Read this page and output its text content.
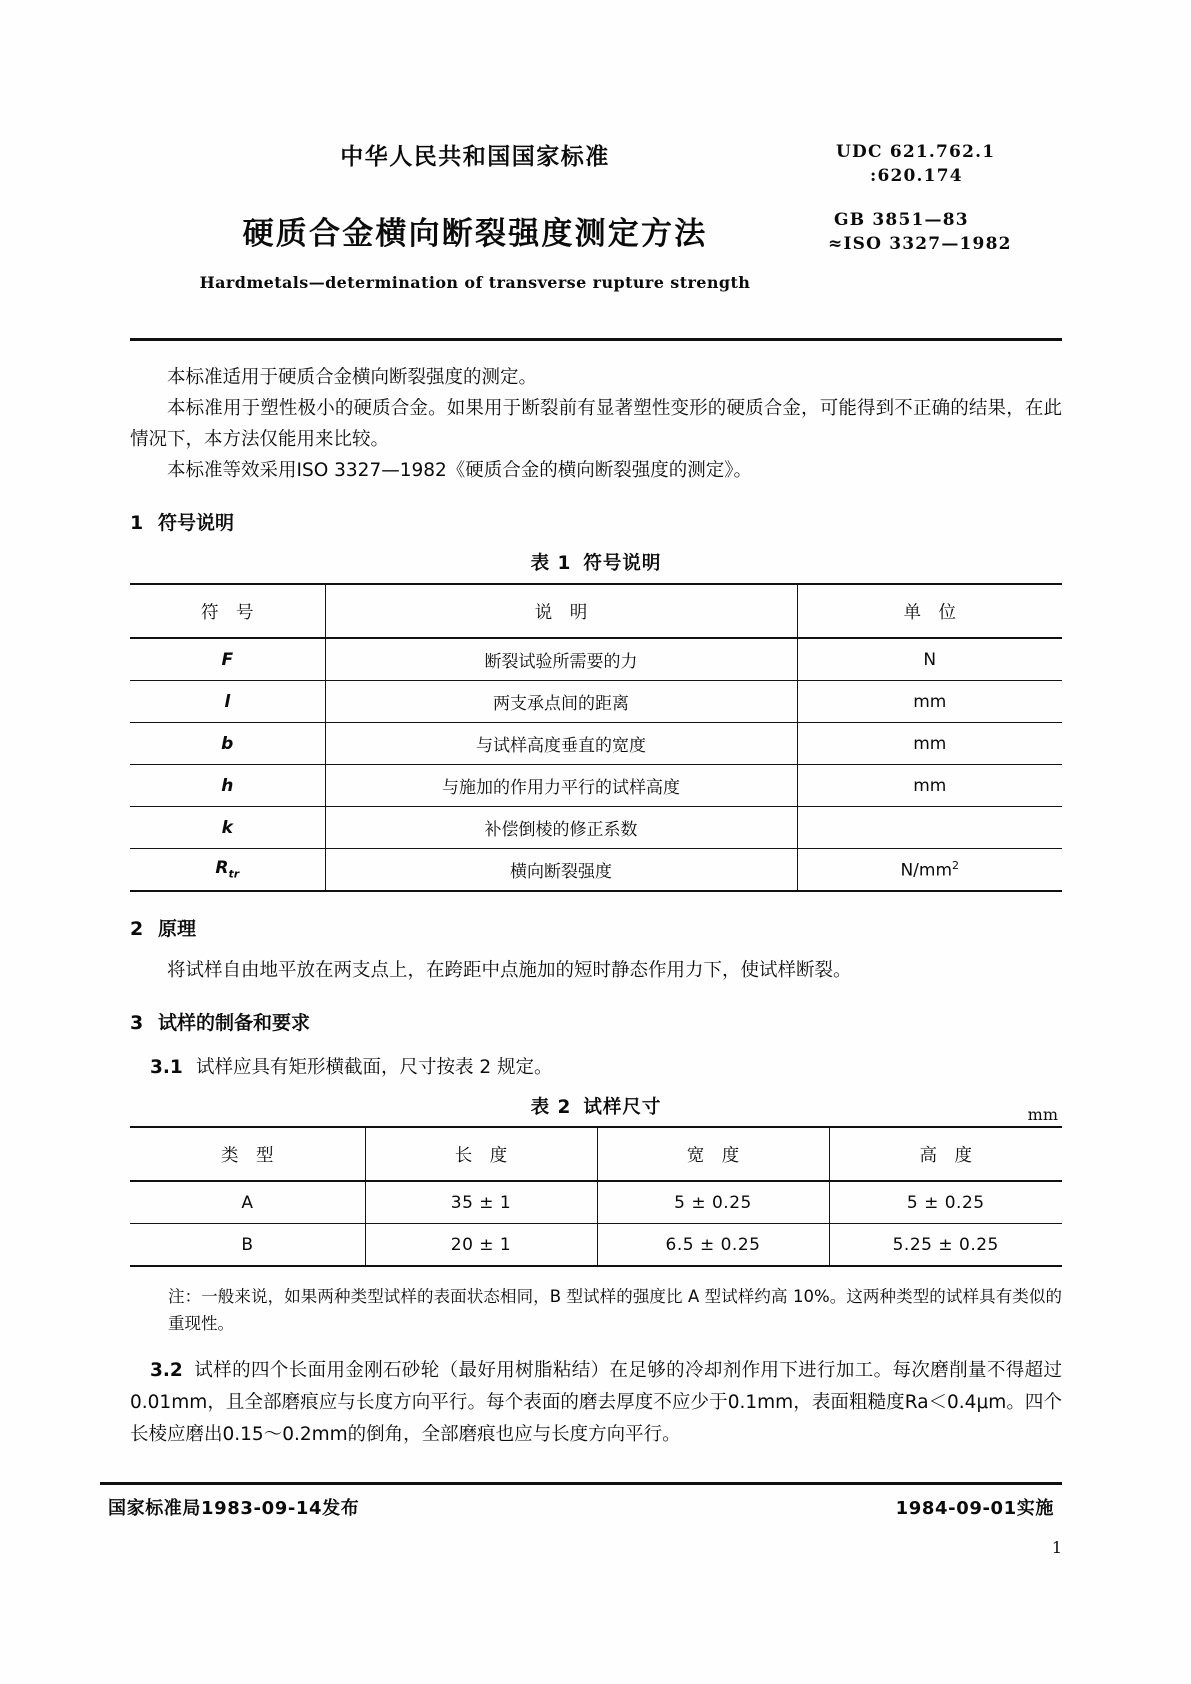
中华人民共和国国家标准	UDC 621.762.1
:620.174
硬质合金横向断裂强度测定方法	GB 3851—83
≈ISO 3327—1982
Hardmetals—determination of transverse rupture strength

本标准适用于硬质合金横向断裂强度的测定。

本标准用于塑性极小的硬质合金。如果用于断裂前有显著塑性变形的硬质合金，可能得到不正确的结果，在此情况下，本方法仅能用来比较。

本标准等效采用ISO 3327—1982《硬质合金的横向断裂强度的测定》。

1 符号说明
表 1 符号说明
符 号	说 明	单 位
F	断裂试验所需要的力	N
l	两支承点间的距离	mm
b	与试样高度垂直的宽度	mm
h	与施加的作用力平行的试样高度	mm
k	补偿倒棱的修正系数	
$R_{tr}$	横向断裂强度	$N/mm^2$
2 原理

将试样自由地平放在两支点上，在跨距中点施加的短时静态作用力下，使试样断裂。

3 试样的制备和要求
3.1 试样应具有矩形横截面，尺寸按表 2 规定。
表 2 试样尺寸	mm
类 型	长 度	宽 度	高 度
A	35 ± 1	5 ± 0.25	5 ± 0.25
B	20 ± 1	6.5 ± 0.25	5.25 ± 0.25
注：一般来说，如果两种类型试样的表面状态相同，B 型试样的强度比 A 型试样约高 10%。这两种类型的试样具有类似的重现性。

3.2 试样的四个长面用金刚石砂轮（最好用树脂粘结）在足够的冷却剂作用下进行加工。每次磨削量不得超过0.01mm，且全部磨痕应与长度方向平行。每个表面的磨去厚度不应少于0.1mm，表面粗糙度Ra＜0.4μm。四个长棱应磨出0.15～0.2mm的倒角，全部磨痕也应与长度方向平行。

国家标准局1983-09-14发布	1984-09-01实施
1
